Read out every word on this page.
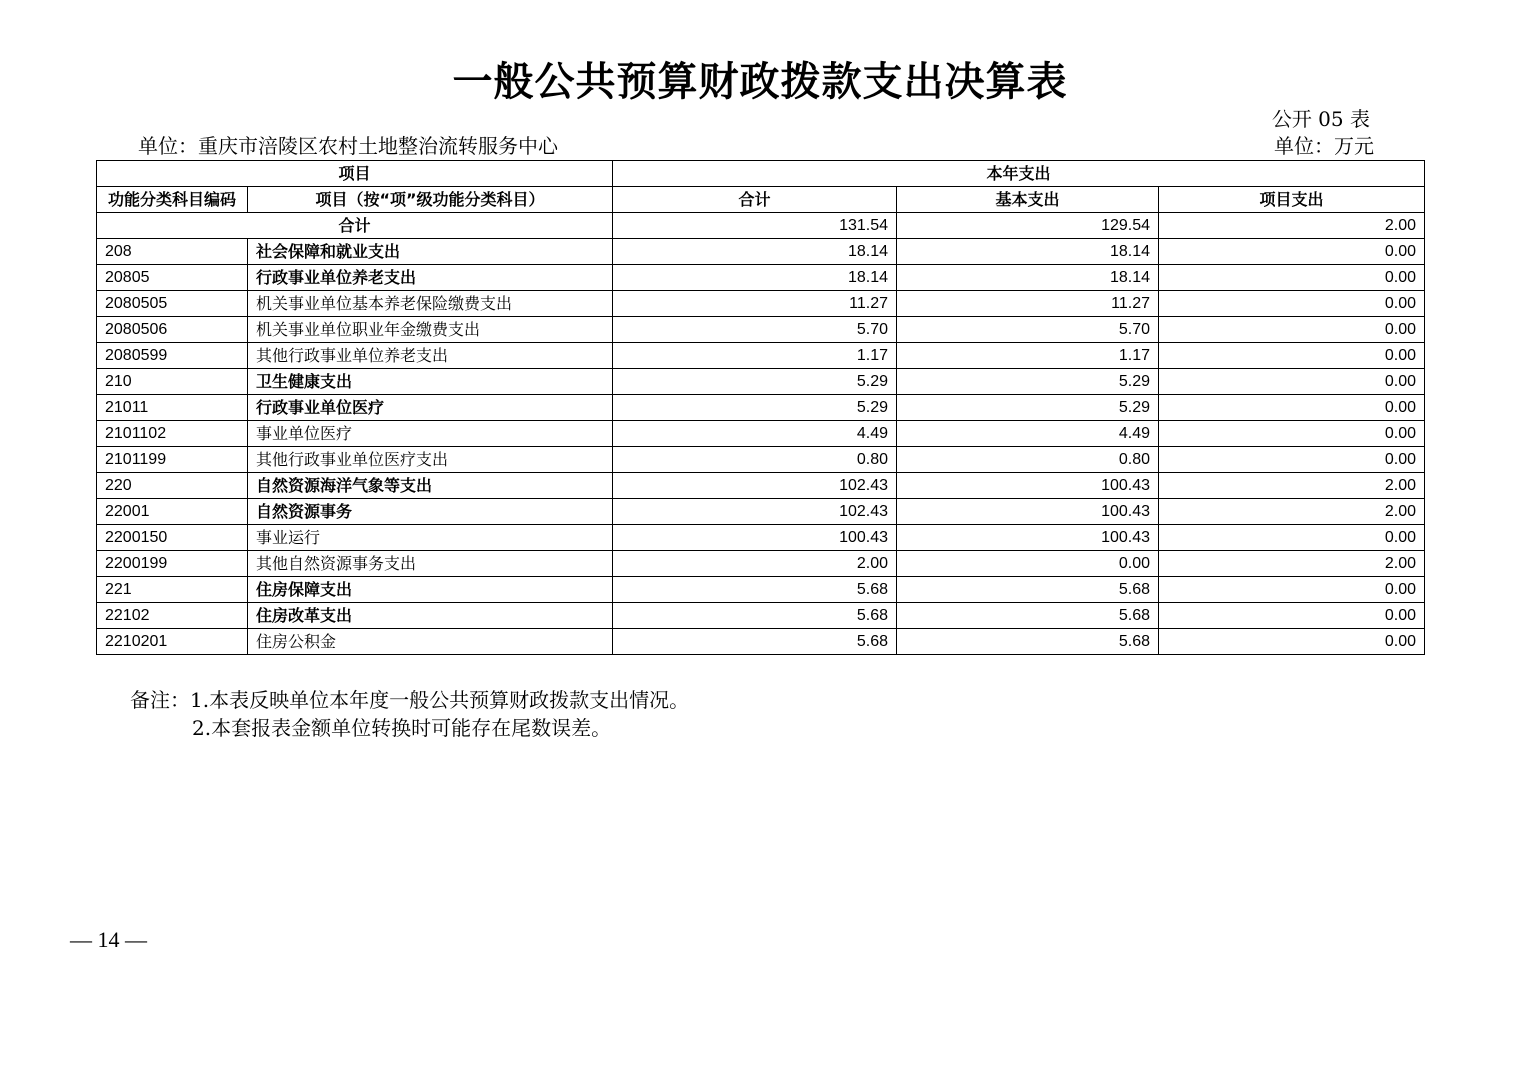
一般公共预算财政拨款支出决算表
公开 05 表
单位：重庆市涪陵区农村土地整治流转服务中心	单位：万元
项目		本年支出		
功能分类科目编码	项目（按“项”级功能分类科目）	合计	基本支出	项目支出
合计		131.54	129.54	2.00
208	社会保障和就业支出	18.14	18.14	0.00
20805	行政事业单位养老支出	18.14	18.14	0.00
2080505	机关事业单位基本养老保险缴费支出	11.27	11.27	0.00
2080506	机关事业单位职业年金缴费支出	5.70	5.70	0.00
2080599	其他行政事业单位养老支出	1.17	1.17	0.00
210	卫生健康支出	5.29	5.29	0.00
21011	行政事业单位医疗	5.29	5.29	0.00
2101102	事业单位医疗	4.49	4.49	0.00
2101199	其他行政事业单位医疗支出	0.80	0.80	0.00
220	自然资源海洋气象等支出	102.43	100.43	2.00
22001	自然资源事务	102.43	100.43	2.00
2200150	事业运行	100.43	100.43	0.00
2200199	其他自然资源事务支出	2.00	0.00	2.00
221	住房保障支出	5.68	5.68	0.00
22102	住房改革支出	5.68	5.68	0.00
2210201	住房公积金	5.68	5.68	0.00
备注：1.本表反映单位本年度一般公共预算财政拨款支出情况。
2.本套报表金额单位转换时可能存在尾数误差。
— 14 —
